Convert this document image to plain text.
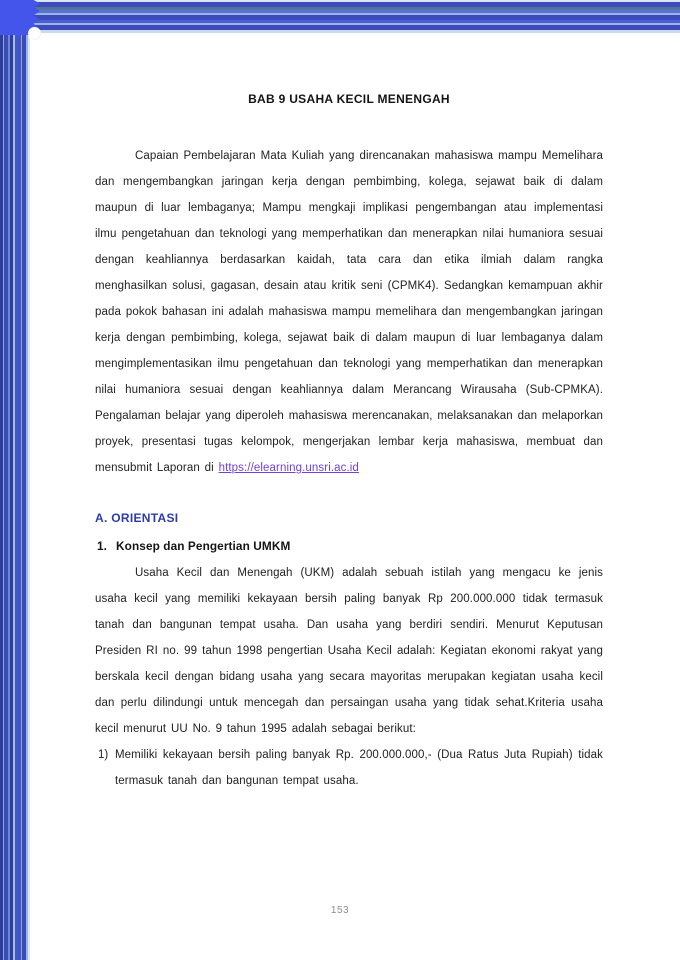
BAB 9 USAHA KECIL MENENGAH

Capaian Pembelajaran Mata Kuliah yang direncanakan mahasiswa mampu Memelihara dan mengembangkan jaringan kerja dengan pembimbing, kolega, sejawat baik di dalam maupun di luar lembaganya; Mampu mengkaji implikasi pengembangan atau implementasi ilmu pengetahuan dan teknologi yang memperhatikan dan menerapkan nilai humaniora sesuai dengan keahliannya berdasarkan kaidah, tata cara dan etika ilmiah dalam rangka menghasilkan solusi, gagasan, desain atau kritik seni (CPMK4). Sedangkan kemampuan akhir pada pokok bahasan ini adalah mahasiswa mampu memelihara dan mengembangkan jaringan kerja dengan pembimbing, kolega, sejawat baik di dalam maupun di luar lembaganya dalam mengimplementasikan ilmu pengetahuan dan teknologi yang memperhatikan dan menerapkan nilai humaniora sesuai dengan keahliannya dalam Merancang Wirausaha (Sub-CPMKA). Pengalaman belajar yang diperoleh mahasiswa merencanakan, melaksanakan dan melaporkan proyek, presentasi tugas kelompok, mengerjakan lembar kerja mahasiswa, membuat dan mensubmit Laporan di https://elearning.unsri.ac.id

A. ORIENTASI
1. Konsep dan Pengertian UMKM

Usaha Kecil dan Menengah (UKM) adalah sebuah istilah yang mengacu ke jenis usaha kecil yang memiliki kekayaan bersih paling banyak Rp 200.000.000 tidak termasuk tanah dan bangunan tempat usaha. Dan usaha yang berdiri sendiri. Menurut Keputusan Presiden RI no. 99 tahun 1998 pengertian Usaha Kecil adalah: Kegiatan ekonomi rakyat yang berskala kecil dengan bidang usaha yang secara mayoritas merupakan kegiatan usaha kecil dan perlu dilindungi untuk mencegah dan persaingan usaha yang tidak sehat.Kriteria usaha kecil menurut UU No. 9 tahun 1995 adalah sebagai berikut:

1) Memiliki kekayaan bersih paling banyak Rp. 200.000.000,- (Dua Ratus Juta Rupiah) tidak termasuk tanah dan bangunan tempat usaha.
153
